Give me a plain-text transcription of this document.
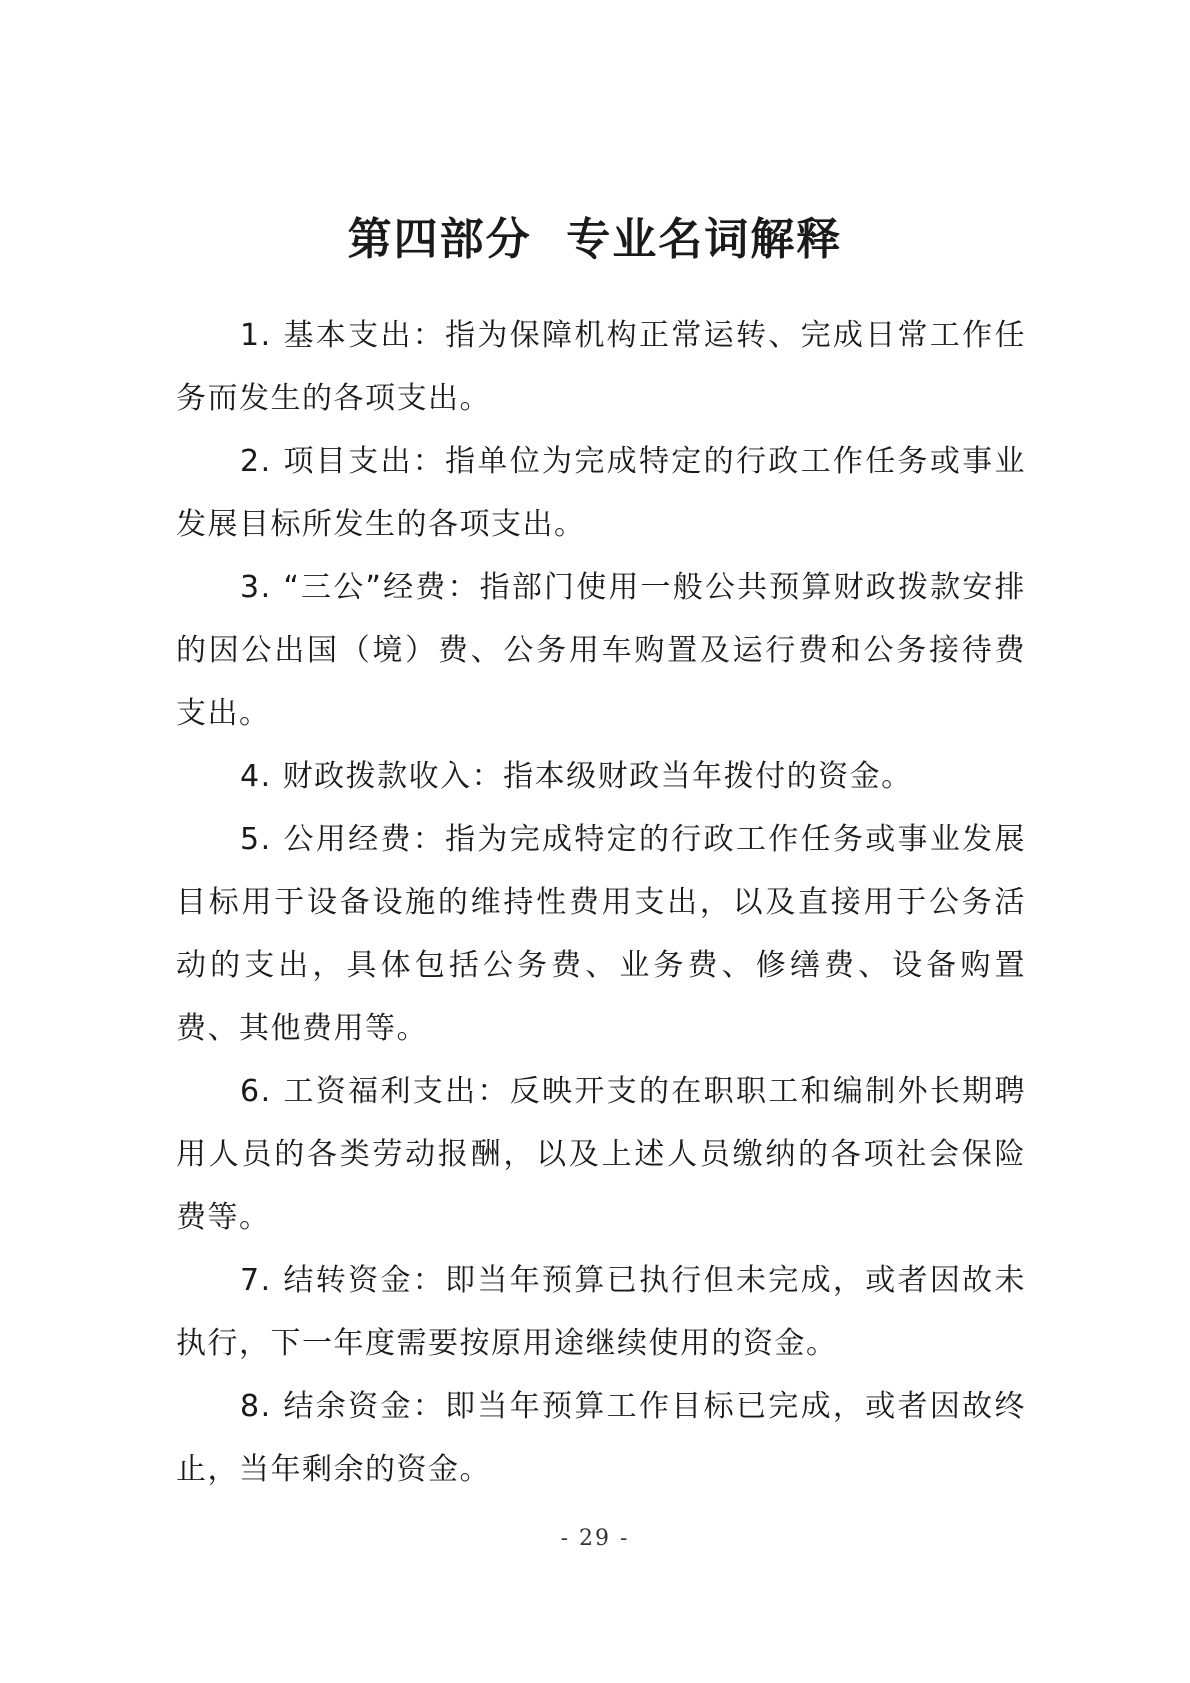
第四部分  专业名词解释

1. 基本支出：指为保障机构正常运转、完成日常工作任务而发生的各项支出。

2. 项目支出：指单位为完成特定的行政工作任务或事业发展目标所发生的各项支出。

3. “三公”经费：指部门使用一般公共预算财政拨款安排的因公出国（境）费、公务用车购置及运行费和公务接待费支出。

4. 财政拨款收入：指本级财政当年拨付的资金。

5. 公用经费：指为完成特定的行政工作任务或事业发展目标用于设备设施的维持性费用支出，以及直接用于公务活动的支出，具体包括公务费、业务费、修缮费、设备购置费、其他费用等。

6. 工资福利支出：反映开支的在职职工和编制外长期聘用人员的各类劳动报酬，以及上述人员缴纳的各项社会保险费等。

7. 结转资金：即当年预算已执行但未完成，或者因故未执行，下一年度需要按原用途继续使用的资金。

8. 结余资金：即当年预算工作目标已完成，或者因故终止，当年剩余的资金。

- 29 -
